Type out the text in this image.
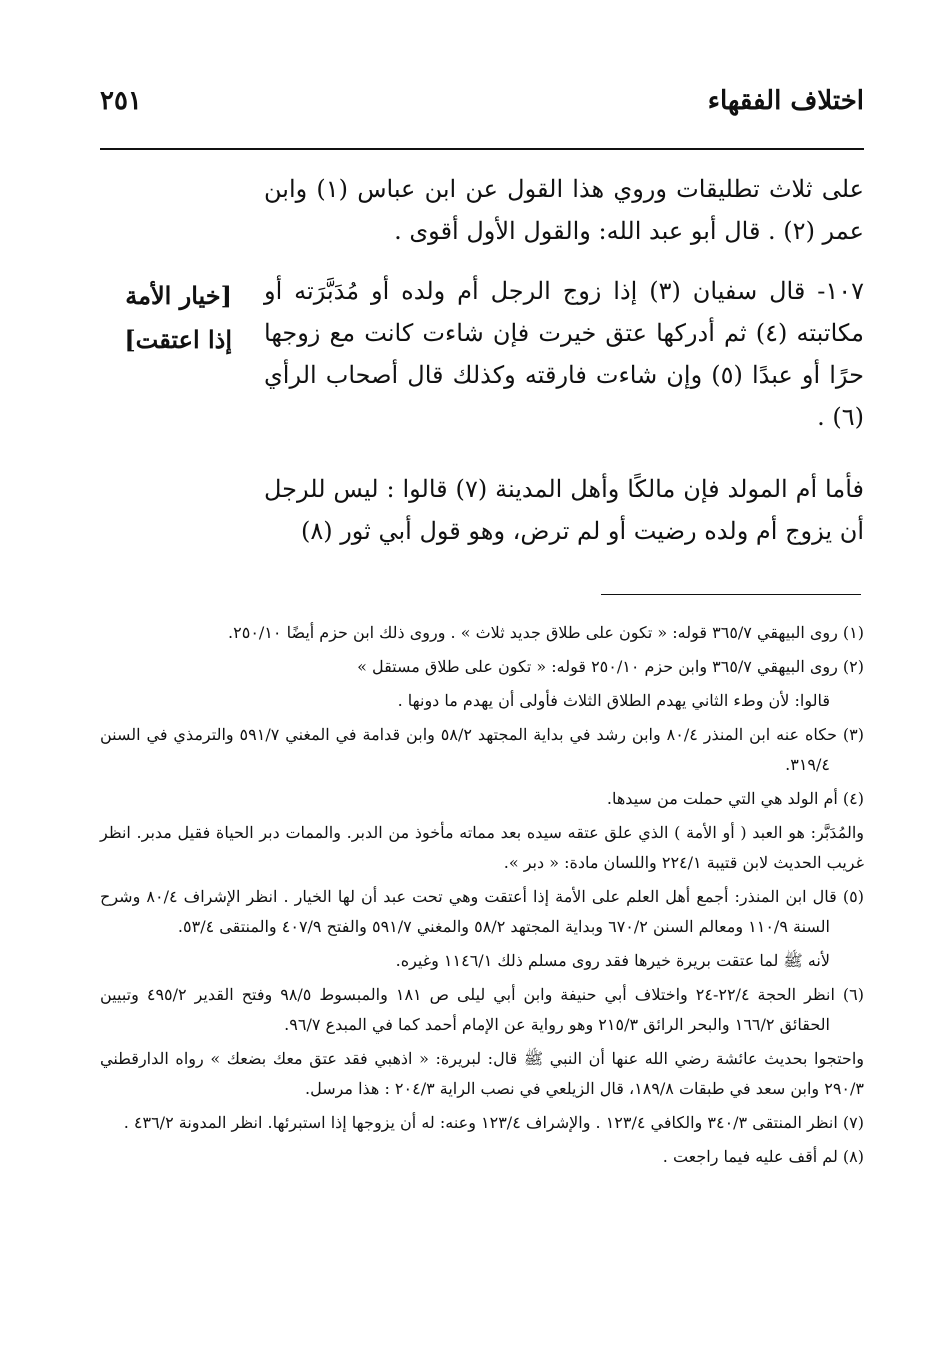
اختلاف الفقهاء
٢٥١

على ثلاث تطليقات وروي هذا القول عن ابن عباس (١) وابن عمر (٢) . قال أبو عبد الله: والقول الأول أقوى .

١٠٧- قال سفيان (٣) إذا زوج الرجل أم ولده أو مُدَبَّرَته أو مكاتبته (٤) ثم أدركها عتق خيرت فإن شاءت كانت مع زوجها حرًا أو عبدًا (٥) وإن شاءت فارقته وكذلك قال أصحاب الرأي (٦) .

فأما أم المولد فإن مالكًا وأهل المدينة (٧) قالوا : ليس للرجل أن يزوج أم ولده رضيت أو لم ترض، وهو قول أبي ثور (٨)

[خيار الأمة
إذا اعتقت]

(١) روى البيهقي ٣٦٥/٧ قوله: « تكون على طلاق جديد ثلاث » . وروى ذلك ابن حزم أيضًا ٢٥٠/١٠.

(٢) روى البيهقي ٣٦٥/٧ وابن حزم ٢٥٠/١٠ قوله: « تكون على طلاق مستقل »

قالوا: لأن وطء الثاني يهدم الطلاق الثلاث فأولى أن يهدم ما دونها .

(٣) حكاه عنه ابن المنذر ٨٠/٤ وابن رشد في بداية المجتهد ٥٨/٢ وابن قدامة في المغني ٥٩١/٧ والترمذي في السنن ٣١٩/٤.

(٤) أم الولد هي التي حملت من سيدها.

والمُدَبَّر: هو العبد ( أو الأمة ) الذي علق عتقه سيده بعد مماته مأخوذ من الدبر. والممات دبر الحياة فقيل مدبر. انظر غريب الحديث لابن قتيبة ٢٢٤/١ واللسان مادة: « دبر ».

(٥) قال ابن المنذر: أجمع أهل العلم على الأمة إذا أعتقت وهي تحت عبد أن لها الخيار . انظر الإشراف ٨٠/٤ وشرح السنة ١١٠/٩ ومعالم السنن ٦٧٠/٢ وبداية المجتهد ٥٨/٢ والمغني ٥٩١/٧ والفتح ٤٠٧/٩ والمنتقى ٥٣/٤.

لأنه ﷺ لما عتقت بريرة خيرها فقد روى مسلم ذلك ١١٤٦/١ وغيره.

(٦) انظر الحجة ٢٢/٤-٢٤ واختلاف أبي حنيفة وابن أبي ليلى ص ١٨١ والمبسوط ٩٨/٥ وفتح القدير ٤٩٥/٢ وتبيين الحقائق ١٦٦/٢ والبحر الرائق ٢١٥/٣ وهو رواية عن الإمام أحمد كما في المبدع ٩٦/٧.

واحتجوا بحديث عائشة رضي الله عنها أن النبي ﷺ قال: لبريرة: « اذهبي فقد عتق معك بضعك » رواه الدارقطني ٢٩٠/٣ وابن سعد في طبقات ١٨٩/٨، قال الزيلعي في نصب الراية ٢٠٤/٣ : هذا مرسل.

(٧) انظر المنتقى ٣٤٠/٣ والكافي ١٢٣/٤ . والإشراف ١٢٣/٤ وعنه: له أن يزوجها إذا استبرئها. انظر المدونة ٤٣٦/٢ .

(٨) لم أقف عليه فيما راجعت .
